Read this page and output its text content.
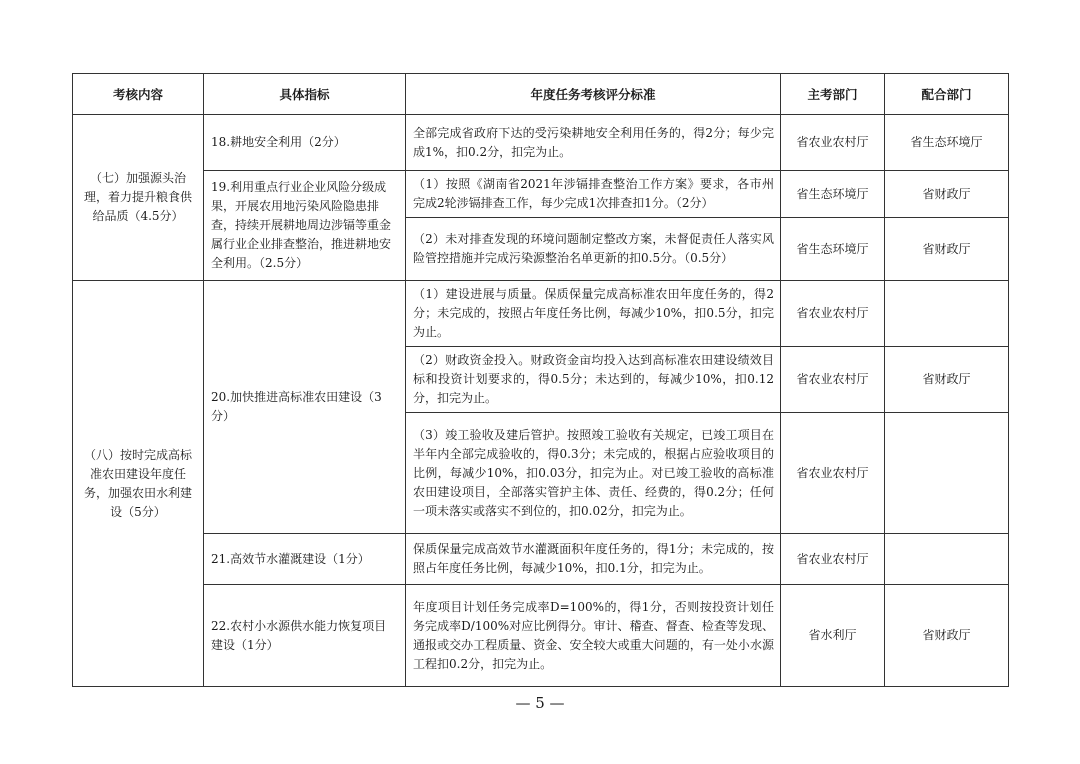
考核内容	具体指标	年度任务考核评分标准	主考部门	配合部门
（七）加强源头治理，着力提升粮食供给品质（4.5分）	18.耕地安全利用（2分）	全部完成省政府下达的受污染耕地安全利用任务的，得2分；每少完成1%，扣0.2分，扣完为止。	省农业农村厅	省生态环境厅
	19.利用重点行业企业风险分级成果，开展农用地污染风险隐患排查，持续开展耕地周边涉镉等重金属行业企业排查整治，推进耕地安全利用。（2.5分）	（1）按照《湖南省2021年涉镉排查整治工作方案》要求，各市州完成2轮涉镉排查工作，每少完成1次排查扣1分。（2分）	省生态环境厅	省财政厅
		（2）未对排查发现的环境问题制定整改方案，未督促责任人落实风险管控措施并完成污染源整治名单更新的扣0.5分。（0.5分）	省生态环境厅	省财政厅
（八）按时完成高标准农田建设年度任务，加强农田水利建设（5分）	20.加快推进高标准农田建设（3分）	（1）建设进展与质量。保质保量完成高标准农田年度任务的，得2分；未完成的，按照占年度任务比例，每减少10%，扣0.5分，扣完为止。	省农业农村厅	
		（2）财政资金投入。财政资金亩均投入达到高标准农田建设绩效目标和投资计划要求的，得0.5分；未达到的，每减少10%，扣0.12分，扣完为止。	省农业农村厅	省财政厅
		（3）竣工验收及建后管护。按照竣工验收有关规定，已竣工项目在半年内全部完成验收的，得0.3分；未完成的，根据占应验收项目的比例，每减少10%，扣0.03分，扣完为止。对已竣工验收的高标准农田建设项目，全部落实管护主体、责任、经费的，得0.2分；任何一项未落实或落实不到位的，扣0.02分，扣完为止。	省农业农村厅	
	21.高效节水灌溉建设（1分）	保质保量完成高效节水灌溉面积年度任务的，得1分；未完成的，按照占年度任务比例，每减少10%，扣0.1分，扣完为止。	省农业农村厅	
	22.农村小水源供水能力恢复项目建设（1分）	年度项目计划任务完成率D=100%的，得1分，否则按投资计划任务完成率D/100%对应比例得分。审计、稽查、督查、检查等发现、通报或交办工程质量、资金、安全较大或重大问题的，有一处小水源工程扣0.2分，扣完为止。	省水利厅	省财政厅
— 5 —
